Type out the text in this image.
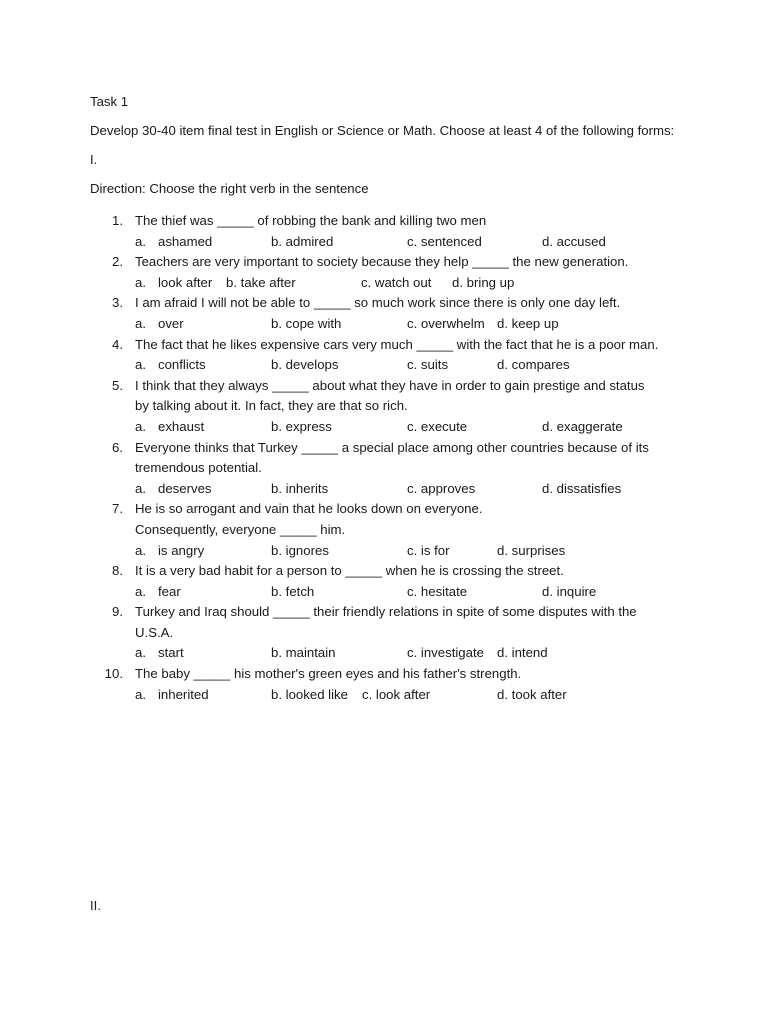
Task 1
Develop 30-40 item final test in English or Science or Math. Choose at least 4 of the following forms:
I.
Direction: Choose the right verb in the sentence
1. The thief was _____ of robbing the bank and killing two men
a. ashamed	b. admired	c. sentenced	d. accused
2. Teachers are very important to society because they help _____ the new generation.
a. look after b. take after	c. watch out d. bring up
3. I am afraid I will not be able to _____ so much work since there is only one day left.
a. over	b. cope with	c. overwhelm d. keep up
4. The fact that he likes expensive cars very much _____ with the fact that he is a poor man.
a. conflicts	b. develops	c. suits	d. compares
5. I think that they always _____ about what they have in order to gain prestige and status
by talking about it. In fact, they are that so rich.
a. exhaust	b. express	c. execute	d. exaggerate
6. Everyone thinks that Turkey _____ a special place among other countries because of its
tremendous potential.
a. deserves	b. inherits	c. approves	d. dissatisfies
7. He is so arrogant and vain that he looks down on everyone.
Consequently, everyone _____ him.
a. is angry	b. ignores	c. is for	d. surprises
8. It is a very bad habit for a person to _____ when he is crossing the street.
a. fear	b. fetch	c. hesitate	d. inquire
9. Turkey and Iraq should _____ their friendly relations in spite of some disputes with the
U.S.A.
a. start	b. maintain	c. investigate d. intend
10. The baby _____ his mother's green eyes and his father's strength.
a. inherited	b. looked like c. look after	d. took after
II.
